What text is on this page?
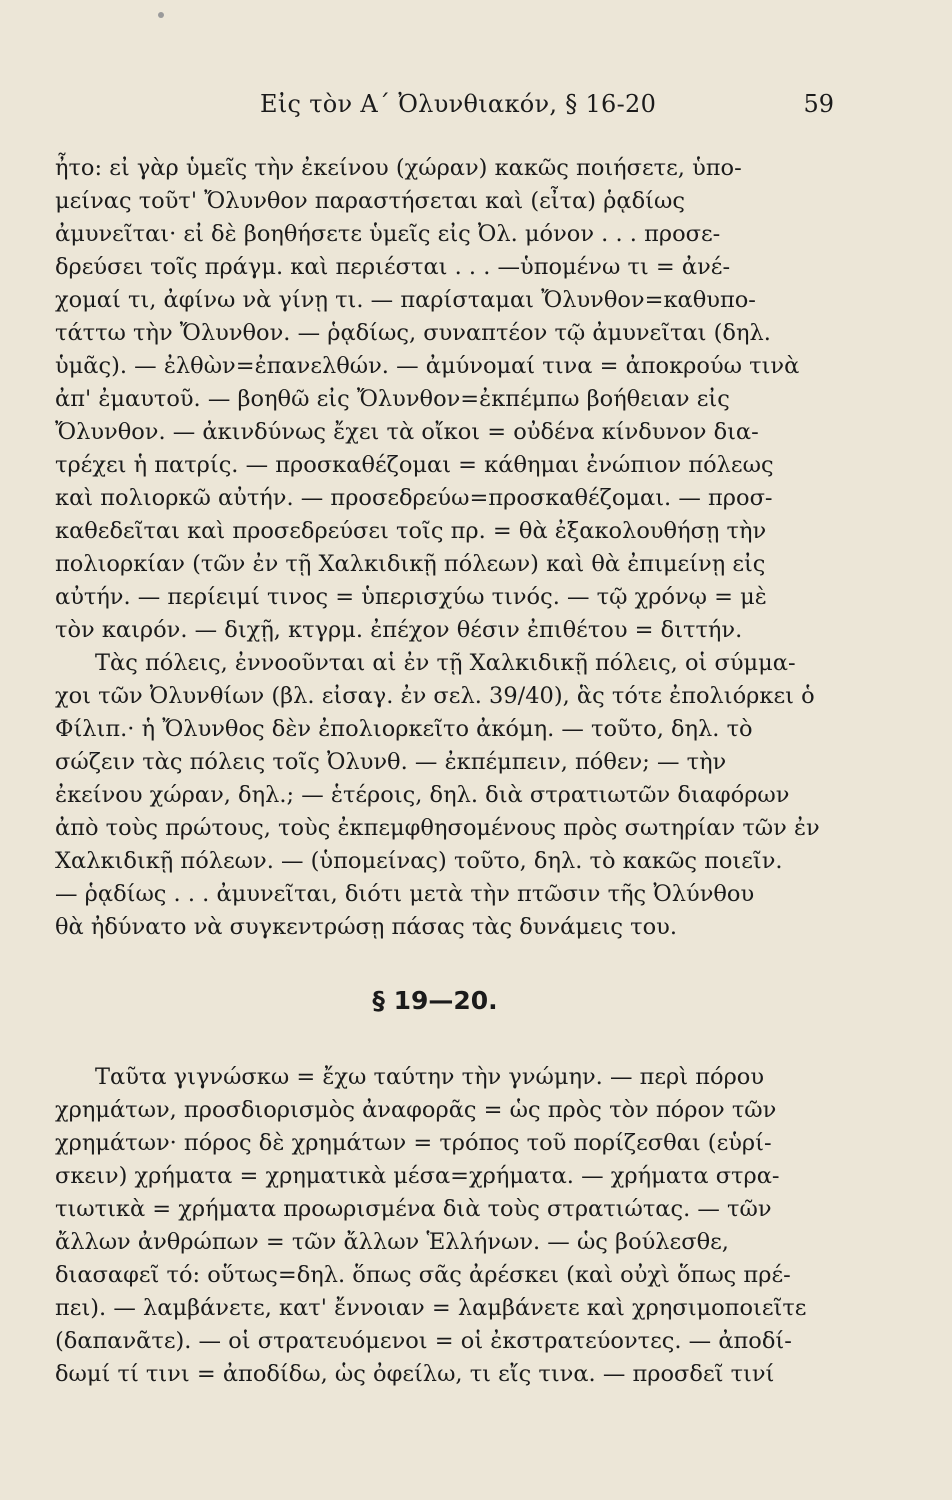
Εἰς τὸν Α΄ Ὀλυνθιακόν, § 16-20	59

ἦτο: εἰ γὰρ ὑμεῖς τὴν ἐκείνου (χώραν) κακῶς ποιήσετε, ὑπο-
μείνας τοῦτ' Ὄλυνθον παραστήσεται καὶ (εἶτα) ῥᾳδίως
ἀμυνεῖται· εἰ δὲ βοηθήσετε ὑμεῖς εἰς Ὀλ. μόνον . . . προσε-
δρεύσει τοῖς πράγμ. καὶ περιέσται . . . —ὑπομένω τι = ἀνέ-
χομαί τι, ἀφίνω νὰ γίνῃ τι. — παρίσταμαι Ὄλυνθον=καθυπο-
τάττω τὴν Ὄλυνθον. — ῥᾳδίως, συναπτέον τῷ ἀμυνεῖται (δηλ.
ὑμᾶς). — ἐλθὼν=ἐπανελθών. — ἀμύνομαί τινα = ἀποκρούω τινὰ
ἀπ' ἐμαυτοῦ. — βοηθῶ εἰς Ὄλυνθον=ἐκπέμπω βοήθειαν εἰς
Ὄλυνθον. — ἀκινδύνως ἔχει τὰ οἴκοι = οὐδένα κίνδυνον δια-
τρέχει ἡ πατρίς. — προσκαθέζομαι = κάθημαι ἐνώπιον πόλεως
καὶ πολιορκῶ αὐτήν. — προσεδρεύω=προσκαθέζομαι. — προσ-
καθεδεῖται καὶ προσεδρεύσει τοῖς πρ. = θὰ ἐξακολουθήσῃ τὴν
πολιορκίαν (τῶν ἐν τῇ Χαλκιδικῇ πόλεων) καὶ θὰ ἐπιμείνῃ εἰς
αὐτήν. — περίειμί τινος = ὑπερισχύω τινός. — τῷ χρόνῳ = μὲ
τὸν καιρόν. — διχῇ, κτγρμ. ἐπέχον θέσιν ἐπιθέτου = διττήν.

Τὰς πόλεις, ἐννοοῦνται αἱ ἐν τῇ Χαλκιδικῇ πόλεις, οἱ σύμμα-
χοι τῶν Ὀλυνθίων (βλ. εἰσαγ. ἐν σελ. 39/40), ἃς τότε ἐπολιόρκει ὁ
Φίλιπ.· ἡ Ὄλυνθος δὲν ἐπολιορκεῖτο ἀκόμη. — τοῦτο, δηλ. τὸ
σώζειν τὰς πόλεις τοῖς Ὀλυνθ. — ἐκπέμπειν, πόθεν; — τὴν
ἐκείνου χώραν, δηλ.; — ἑτέροις, δηλ. διὰ στρατιωτῶν διαφόρων
ἀπὸ τοὺς πρώτους, τοὺς ἐκπεμφθησομένους πρὸς σωτηρίαν τῶν ἐν
Χαλκιδικῇ πόλεων. — (ὑπομείνας) τοῦτο, δηλ. τὸ κακῶς ποιεῖν.
— ῥᾳδίως . . . ἀμυνεῖται, διότι μετὰ τὴν πτῶσιν τῆς Ὀλύνθου
θὰ ἠδύνατο νὰ συγκεντρώσῃ πάσας τὰς δυνάμεις του.

§ 19—20.

Ταῦτα γιγνώσκω = ἔχω ταύτην τὴν γνώμην. — περὶ πόρου
χρημάτων, προσδιορισμὸς ἀναφορᾶς = ὡς πρὸς τὸν πόρον τῶν
χρημάτων· πόρος δὲ χρημάτων = τρόπος τοῦ πορίζεσθαι (εὑρί-
σκειν) χρήματα = χρηματικὰ μέσα=χρήματα. — χρήματα στρα-
τιωτικὰ = χρήματα προωρισμένα διὰ τοὺς στρατιώτας. — τῶν
ἄλλων ἀνθρώπων = τῶν ἄλλων Ἑλλήνων. — ὡς βούλεσθε,
διασαφεῖ τό: οὕτως=δηλ. ὅπως σᾶς ἀρέσκει (καὶ οὐχὶ ὅπως πρέ-
πει). — λαμβάνετε, κατ' ἔννοιαν = λαμβάνετε καὶ χρησιμοποιεῖτε
(δαπανᾶτε). — οἱ στρατευόμενοι = οἱ ἐκστρατεύοντες. — ἀποδί-
δωμί τί τινι = ἀποδίδω, ὡς ὀφείλω, τι εἴς τινα. — προσδεῖ τινί
